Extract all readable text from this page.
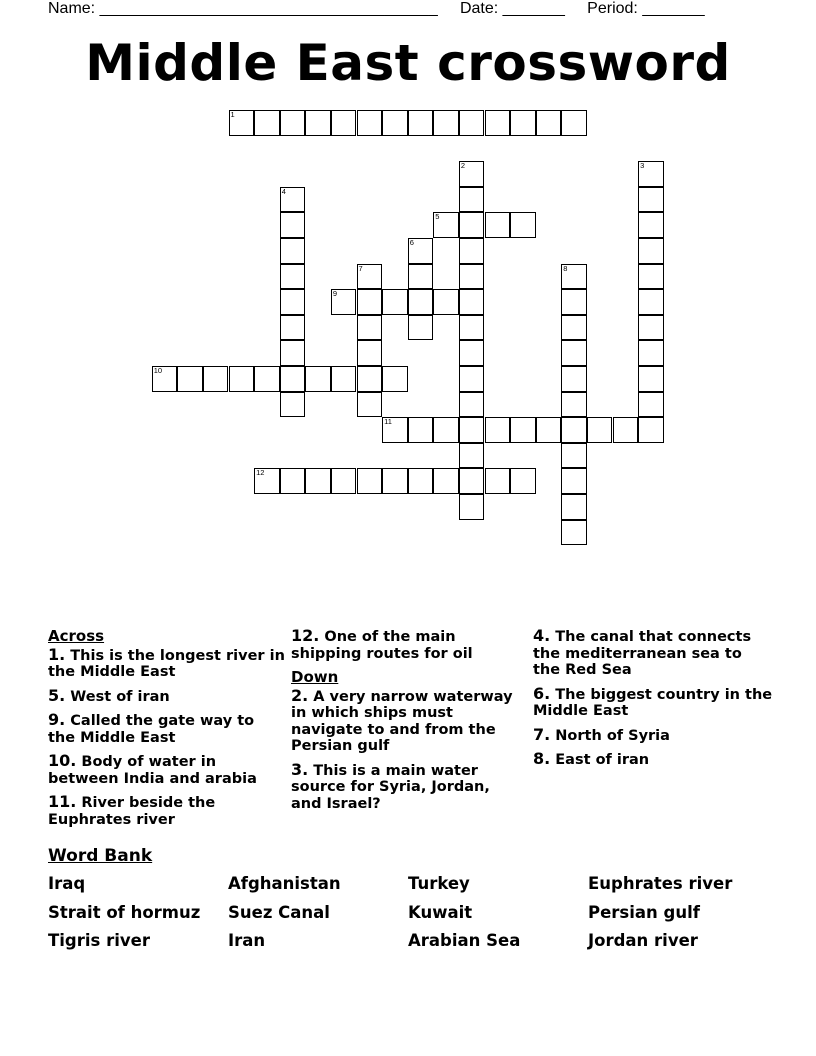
Name: ______________________________________ Date: _______ Period: _______
Middle East crossword
1
2	3
4
5
6
7	8
9
10
11
12
Across
1. This is the longest river in the Middle East
5. West of iran
9. Called the gate way to the Middle East
10. Body of water in between India and arabia
11. River beside the Euphrates river
12. One of the main shipping routes for oil
Down
2. A very narrow waterway in which ships must navigate to and from the Persian gulf
3. This is a main water source for Syria, Jordan, and Israel?
4. The canal that connects the mediterranean sea to the Red Sea
6. The biggest country in the Middle East
7. North of Syria
8. East of iran
Word Bank
Iraq	Afghanistan	Turkey	Euphrates river
Strait of hormuz	Suez Canal	Kuwait	Persian gulf
Tigris river	Iran	Arabian Sea	Jordan river
